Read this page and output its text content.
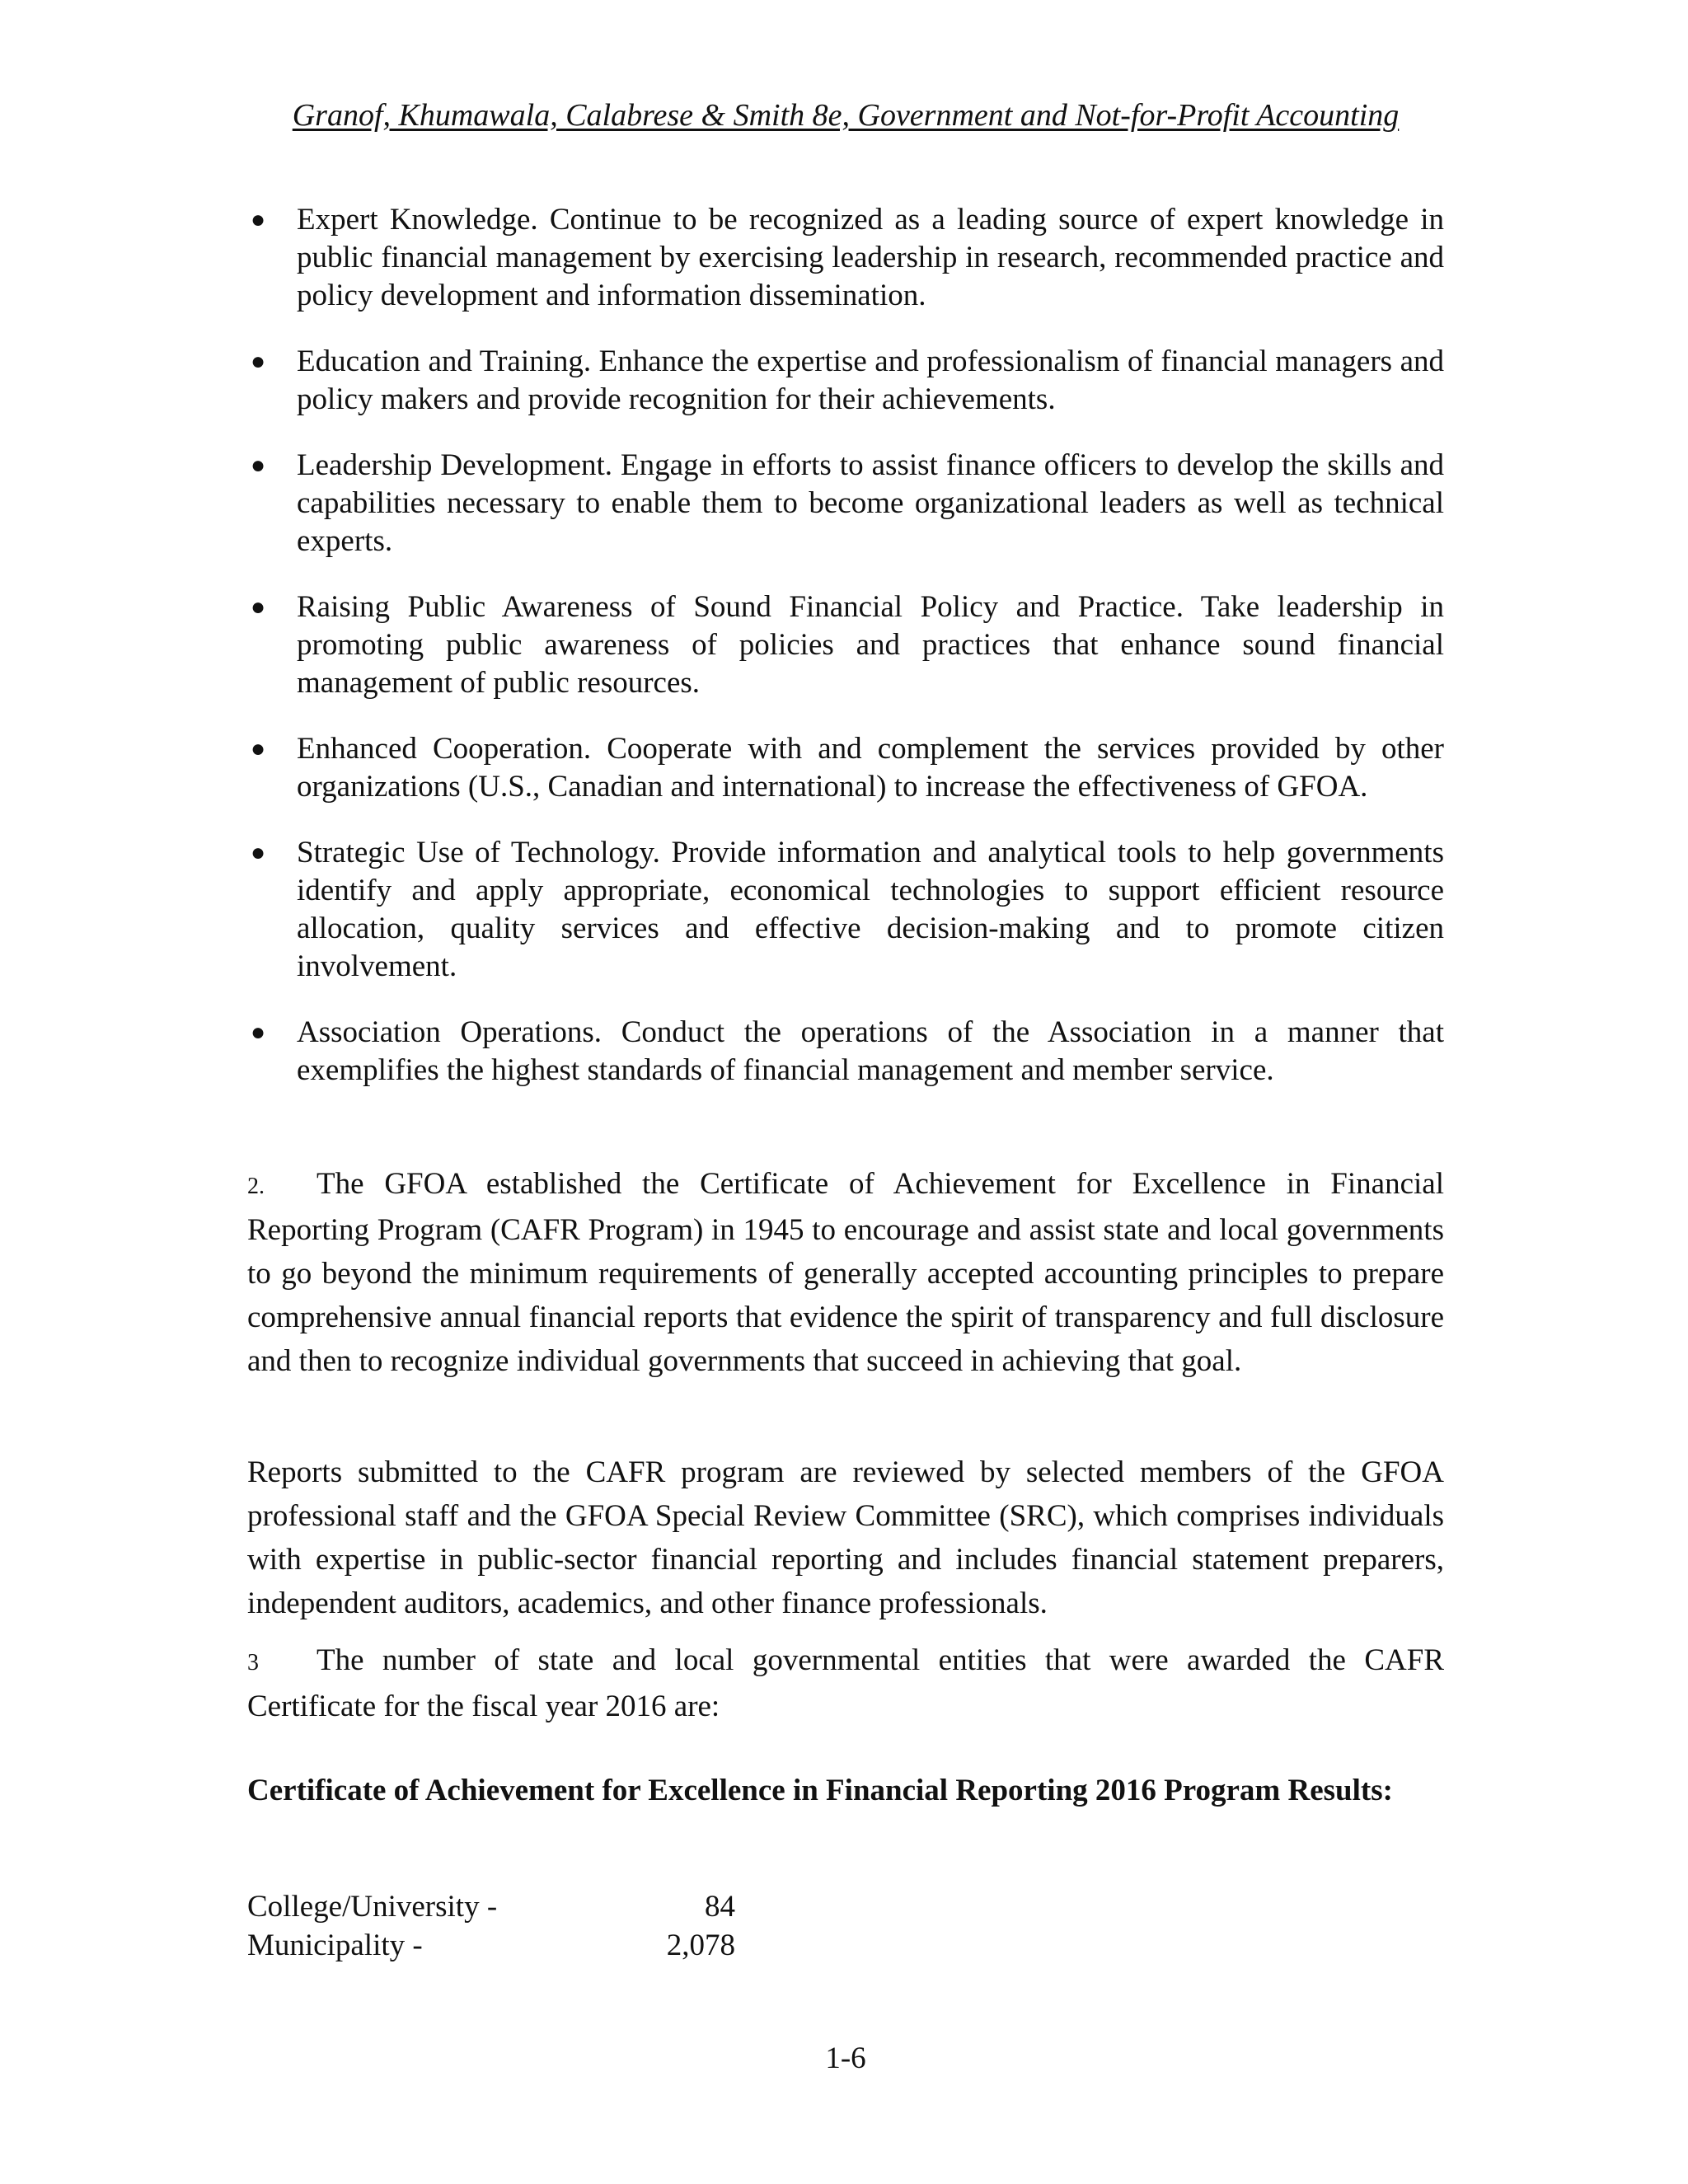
Granof, Khumawala, Calabrese & Smith 8e, Government and Not-for-Profit Accounting
● Expert Knowledge. Continue to be recognized as a leading source of expert knowledge in public financial management by exercising leadership in research, recommended practice and policy development and information dissemination.
● Education and Training. Enhance the expertise and professionalism of financial managers and policy makers and provide recognition for their achievements.
● Leadership Development. Engage in efforts to assist finance officers to develop the skills and capabilities necessary to enable them to become organizational leaders as well as technical experts.
● Raising Public Awareness of Sound Financial Policy and Practice. Take leadership in promoting public awareness of policies and practices that enhance sound financial management of public resources.
● Enhanced Cooperation. Cooperate with and complement the services provided by other organizations (U.S., Canadian and international) to increase the effectiveness of GFOA.
● Strategic Use of Technology. Provide information and analytical tools to help governments identify and apply appropriate, economical technologies to support efficient resource allocation, quality services and effective decision-making and to promote citizen involvement.
● Association Operations. Conduct the operations of the Association in a manner that exemplifies the highest standards of financial management and member service.

2. The GFOA established the Certificate of Achievement for Excellence in Financial Reporting Program (CAFR Program) in 1945 to encourage and assist state and local governments to go beyond the minimum requirements of generally accepted accounting principles to prepare comprehensive annual financial reports that evidence the spirit of transparency and full disclosure and then to recognize individual governments that succeed in achieving that goal.

Reports submitted to the CAFR program are reviewed by selected members of the GFOA professional staff and the GFOA Special Review Committee (SRC), which comprises individuals with expertise in public-sector financial reporting and includes financial statement preparers, independent auditors, academics, and other finance professionals.

3 The number of state and local governmental entities that were awarded the CAFR Certificate for the fiscal year 2016 are:

Certificate of Achievement for Excellence in Financial Reporting 2016 Program Results:
College/University -	84
Municipality -	2,078
1-6
